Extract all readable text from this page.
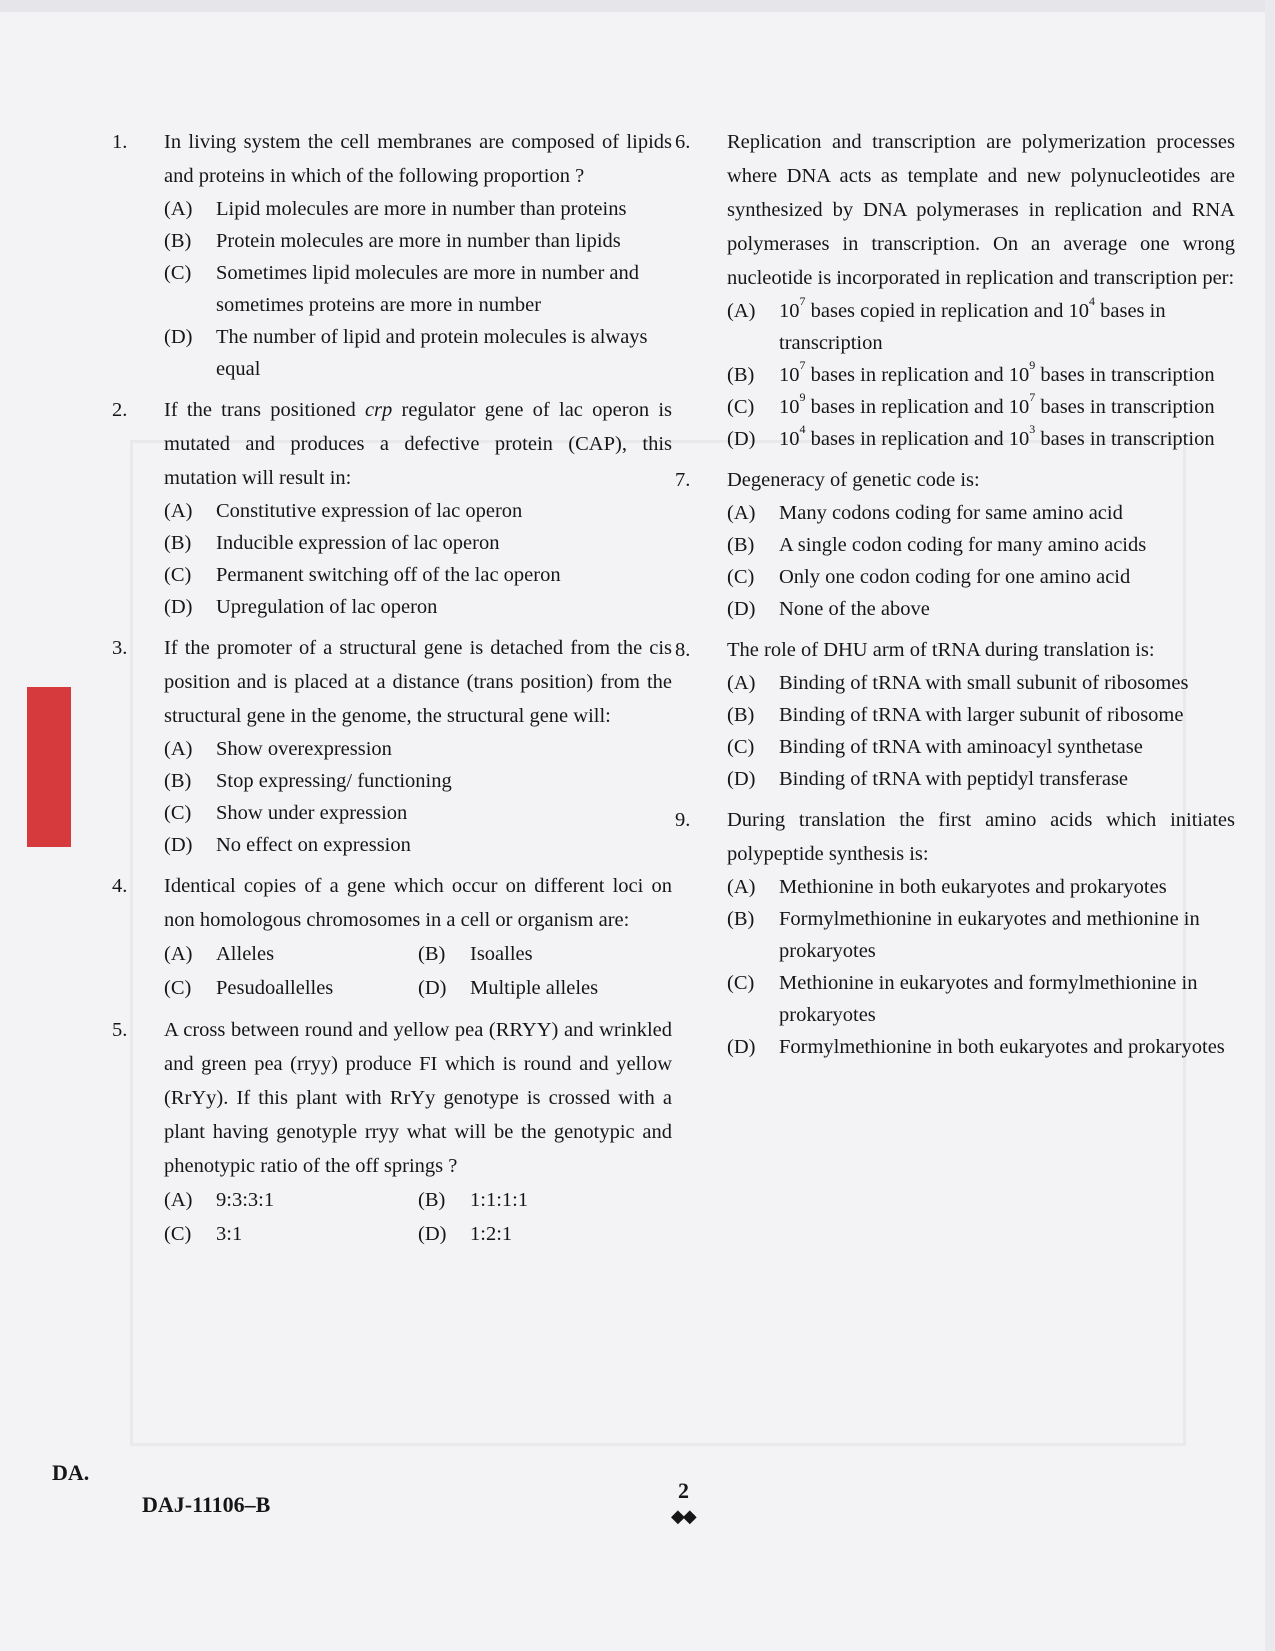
1. In living system the cell membranes are composed of lipids and proteins in which of the following proportion ?
(A) Lipid molecules are more in number than proteins
(B) Protein molecules are more in number than lipids
(C) Sometimes lipid molecules are more in number and sometimes proteins are more in number
(D) The number of lipid and protein molecules is always equal
2. If the trans positioned crp regulator gene of lac operon is mutated and produces a defective protein (CAP), this mutation will result in:
(A) Constitutive expression of lac operon
(B) Inducible expression of lac operon
(C) Permanent switching off of the lac operon
(D) Upregulation of lac operon
3. If the promoter of a structural gene is detached from the cis position and is placed at a distance (trans position) from the structural gene in the genome, the structural gene will:
(A) Show overexpression
(B) Stop expressing/ functioning
(C) Show under expression
(D) No effect on expression
4. Identical copies of a gene which occur on different loci on non homologous chromosomes in a cell or organism are:
(A) Alleles	(B) Isoalles
(C) Pesudoallelles	(D) Multiple alleles
5. A cross between round and yellow pea (RRYY) and wrinkled and green pea (rryy) produce FI which is round and yellow (RrYy). If this plant with RrYy genotype is crossed with a plant having genotyple rryy what will be the genotypic and phenotypic ratio of the off springs ?
(A) 9:3:3:1	(B) 1:1:1:1
(C) 3:1	(D) 1:2:1
6. Replication and transcription are polymerization processes where DNA acts as template and new polynucleotides are synthesized by DNA polymerases in replication and RNA polymerases in transcription. On an average one wrong nucleotide is incorporated in replication and transcription per:
(A) $10^7$ bases copied in replication and $10^4$ bases in transcription
(B) $10^7$ bases in replication and $10^9$ bases in transcription
(C) $10^9$ bases in replication and $10^7$ bases in transcription
(D) $10^4$ bases in replication and $10^3$ bases in transcription
7. Degeneracy of genetic code is:
(A) Many codons coding for same amino acid
(B) A single codon coding for many amino acids
(C) Only one codon coding for one amino acid
(D) None of the above
8. The role of DHU arm of tRNA during translation is:
(A) Binding of tRNA with small subunit of ribosomes
(B) Binding of tRNA with larger subunit of ribosome
(C) Binding of tRNA with aminoacyl synthetase
(D) Binding of tRNA with peptidyl transferase
9. During translation the first amino acids which initiates polypeptide synthesis is:
(A) Methionine in both eukaryotes and prokaryotes
(B) Formylmethionine in eukaryotes and methionine in prokaryotes
(C) Methionine in eukaryotes and formylmethionine in prokaryotes
(D) Formylmethionine in both eukaryotes and prokaryotes
DA.
DAJ-11106–B
2
◆◆
